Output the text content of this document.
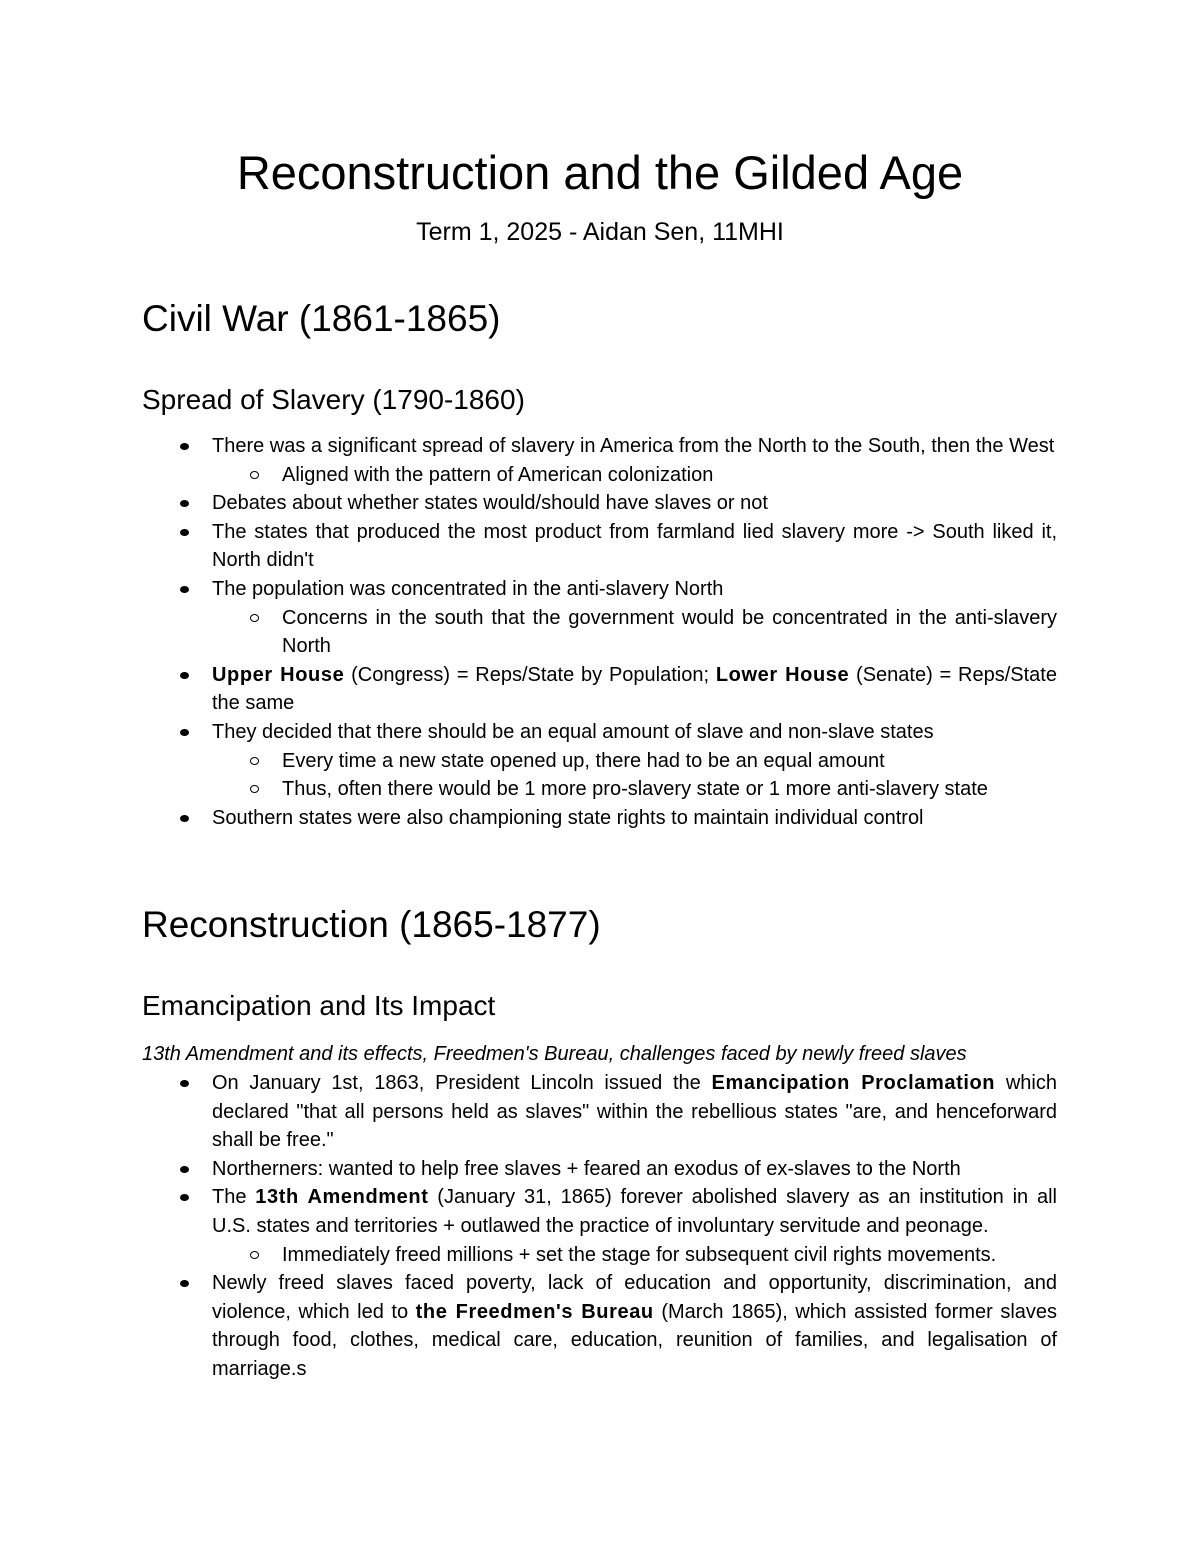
Reconstruction and the Gilded Age
Term 1, 2025 - Aidan Sen, 11MHI
Civil War (1861-1865)
Spread of Slavery (1790-1860)
There was a significant spread of slavery in America from the North to the South, then the West
Aligned with the pattern of American colonization
Debates about whether states would/should have slaves or not
The states that produced the most product from farmland lied slavery more -> South liked it, North didn't
The population was concentrated in the anti-slavery North
Concerns in the south that the government would be concentrated in the anti-slavery North
Upper House (Congress) = Reps/State by Population; Lower House (Senate) = Reps/State the same
They decided that there should be an equal amount of slave and non-slave states
Every time a new state opened up, there had to be an equal amount
Thus, often there would be 1 more pro-slavery state or 1 more anti-slavery state
Southern states were also championing state rights to maintain individual control
Reconstruction (1865-1877)
Emancipation and Its Impact
13th Amendment and its effects, Freedmen's Bureau, challenges faced by newly freed slaves
On January 1st, 1863, President Lincoln issued the Emancipation Proclamation which declared "that all persons held as slaves" within the rebellious states "are, and henceforward shall be free."
Northerners: wanted to help free slaves + feared an exodus of ex-slaves to the North
The 13th Amendment (January 31, 1865) forever abolished slavery as an institution in all U.S. states and territories + outlawed the practice of involuntary servitude and peonage.
Immediately freed millions + set the stage for subsequent civil rights movements.
Newly freed slaves faced poverty, lack of education and opportunity, discrimination, and violence, which led to the Freedmen's Bureau (March 1865), which assisted former slaves through food, clothes, medical care, education, reunition of families, and legalisation of marriage.s
